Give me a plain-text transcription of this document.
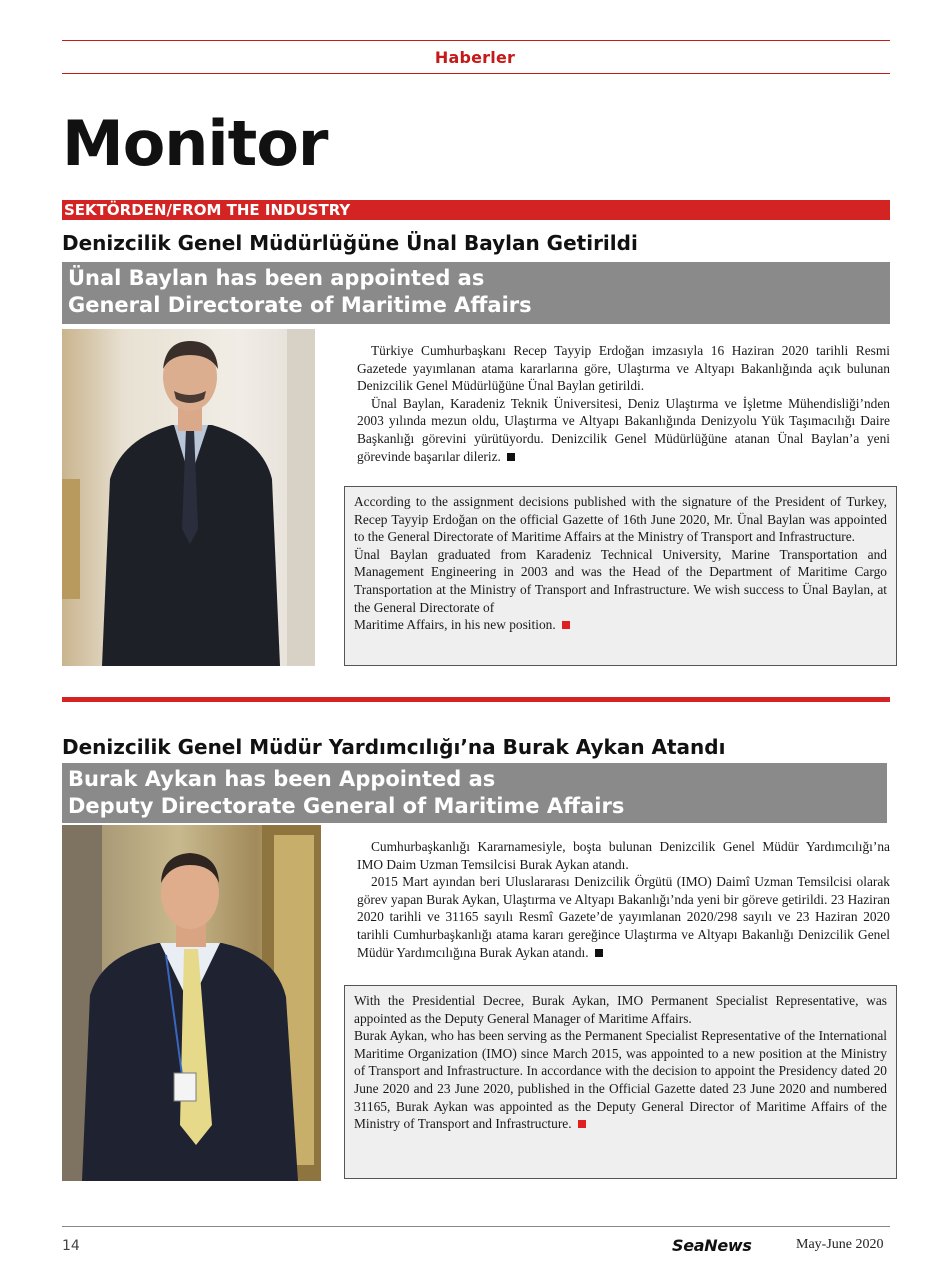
Haberler
Monitor
SEKTÖRDEN/FROM THE INDUSTRY
Denizcilik Genel Müdürlüğüne Ünal Baylan Getirildi
Ünal Baylan has been appointed as
General Directorate of Maritime Affairs

Türkiye Cumhurbaşkanı Recep Tayyip Erdoğan imzasıyla 16 Haziran 2020 tarihli Resmi Gazetede yayımlanan atama kararlarına göre, Ulaştırma ve Altyapı Bakanlığında açık bulunan Denizcilik Genel Müdürlüğüne Ünal Baylan getirildi.

Ünal Baylan, Karadeniz Teknik Üniversitesi, Deniz Ulaştırma ve İşletme Mühendisliği’nden 2003 yılında mezun oldu, Ulaştırma ve Altyapı Bakanlığında Denizyolu Yük Taşımacılığı Daire Başkanlığı görevini yürütüyordu. Denizcilik Genel Müdürlüğüne atanan Ünal Baylan’a yeni görevinde başarılar dileriz.

According to the assignment decisions published with the signature of the President of Turkey, Recep Tayyip Erdoğan on the official Gazette of 16th June 2020, Mr. Ünal Baylan was appointed to the General Directorate of Maritime Affairs at the Ministry of Transport and Infrastructure.

Ünal Baylan graduated from Karadeniz Technical University, Marine Transportation and Management Engineering in 2003 and was the Head of the Department of Maritime Cargo Transportation at the Ministry of Transport and Infrastructure. We wish success to Ünal Baylan, at the General Directorate of

Maritime Affairs, in his new position.

Denizcilik Genel Müdür Yardımcılığı’na Burak Aykan Atandı
Burak Aykan has been Appointed as
Deputy Directorate General of Maritime Affairs

Cumhurbaşkanlığı Kararnamesiyle, boşta bulunan Denizcilik Genel Müdür Yardımcılığı’na IMO Daim Uzman Temsilcisi Burak Aykan atandı.

2015 Mart ayından beri Uluslararası Denizcilik Örgütü (IMO) Daimî Uzman Temsilcisi olarak görev yapan Burak Aykan, Ulaştırma ve Altyapı Bakanlığı’nda yeni bir göreve getirildi. 23 Haziran 2020 tarihli ve 31165 sayılı Resmî Gazete’de yayımlanan 2020/298 sayılı ve 23 Haziran 2020 tarihli Cumhurbaşkanlığı atama kararı gereğince Ulaştırma ve Altyapı Bakanlığı Denizcilik Genel Müdür Yardımcılığına Burak Aykan atandı.

With the Presidential Decree, Burak Aykan, IMO Permanent Specialist Representative, was appointed as the Deputy General Manager of Maritime Affairs.

Burak Aykan, who has been serving as the Permanent Specialist Representative of the International Maritime Organization (IMO) since March 2015, was appointed to a new position at the Ministry of Transport and Infrastructure. In accordance with the decision to appoint the Presidency dated 20 June 2020 and 23 June 2020, published in the Official Gazette dated 23 June 2020 and numbered 31165, Burak Aykan was appointed as the Deputy General Director of Maritime Affairs of the Ministry of Transport and Infrastructure.

14	SeaNews	May-June 2020
